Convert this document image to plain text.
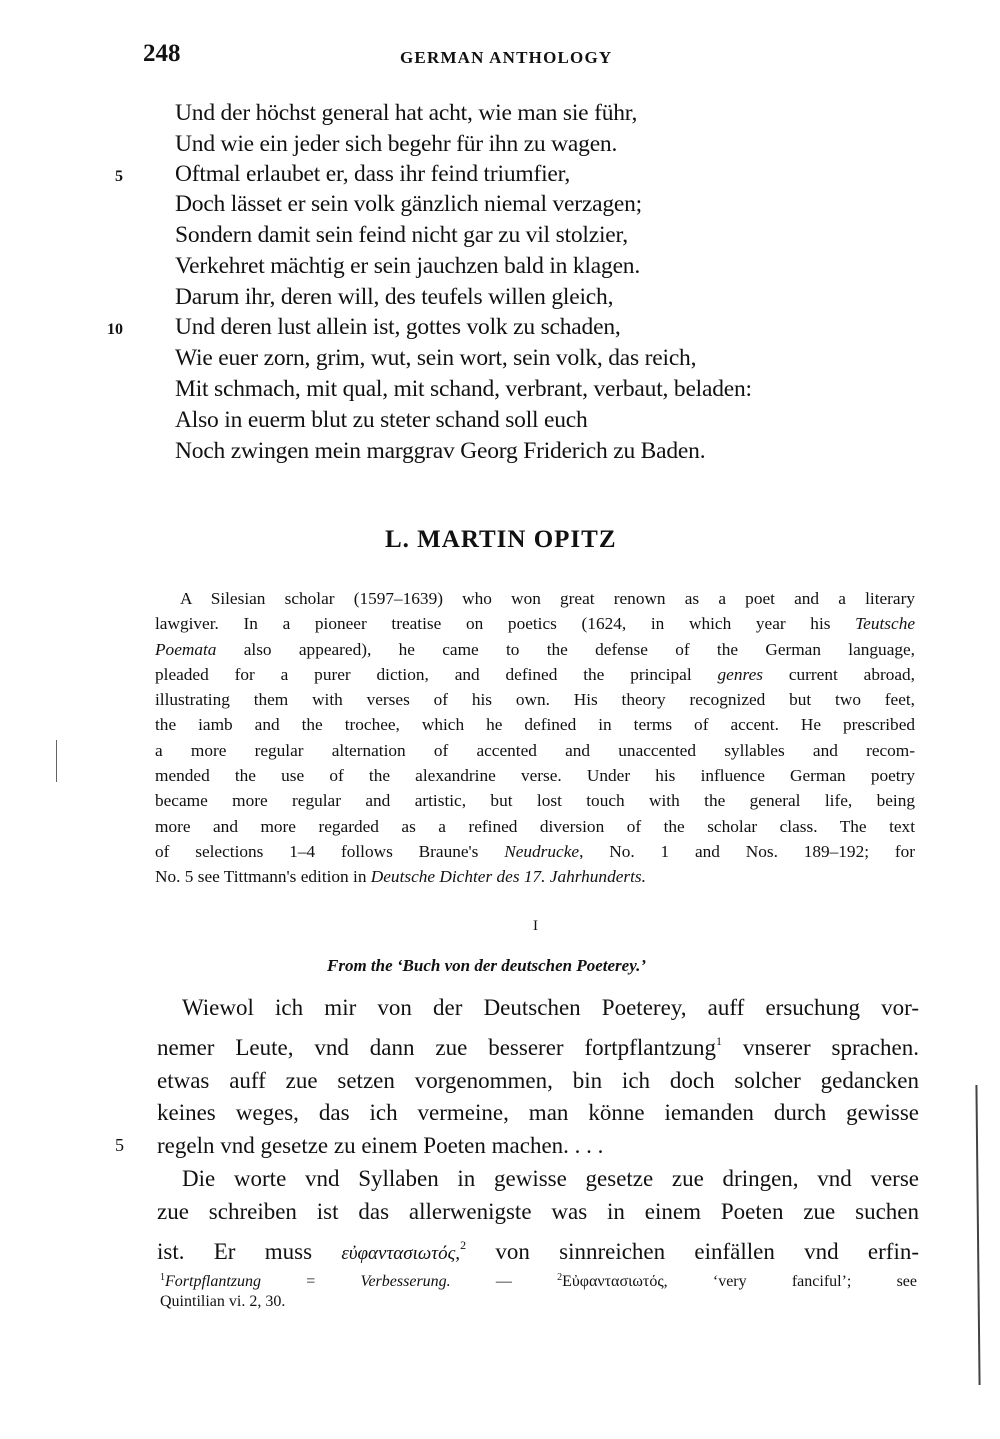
248	GERMAN ANTHOLOGY
Und der höchst general hat acht, wie man sie führ,
Und wie ein jeder sich begehr für ihn zu wagen.
5 Oftmal erlaubet er, dass ihr feind triumfier,
Doch lässet er sein volk gänzlich niemal verzagen;
Sondern damit sein feind nicht gar zu vil stolzier,
Verkehret mächtig er sein jauchzen bald in klagen.
Darum ihr, deren will, des teufels willen gleich,
10 Und deren lust allein ist, gottes volk zu schaden,
Wie euer zorn, grim, wut, sein wort, sein volk, das reich,
Mit schmach, mit qual, mit schand, verbrant, verbaut, beladen:
Also in euerm blut zu steter schand soll euch
Noch zwingen mein marggrav Georg Friderich zu Baden.
L. MARTIN OPITZ
A Silesian scholar (1597–1639) who won great renown as a poet and a literary
lawgiver. In a pioneer treatise on poetics (1624, in which year his Teutsche
Poemata also appeared), he came to the defense of the German language,
pleaded for a purer diction, and defined the principal genres current abroad,
illustrating them with verses of his own. His theory recognized but two feet,
the iamb and the trochee, which he defined in terms of accent. He prescribed
a more regular alternation of accented and unaccented syllables and recom-
mended the use of the alexandrine verse. Under his influence German poetry
became more regular and artistic, but lost touch with the general life, being
more and more regarded as a refined diversion of the scholar class. The text
of selections 1–4 follows Braune's Neudrucke, No. 1 and Nos. 189–192; for
No. 5 see Tittmann's edition in Deutsche Dichter des 17. Jahrhunderts.
I
From the ‘Buch von der deutschen Poeterey.’
5
Wiewol ich mir von der Deutschen Poeterey, auff ersuchung vor-
nemer Leute, vnd dann zue besserer fortpflantzung$^1$ vnserer sprachen.
etwas auff zue setzen vorgenommen, bin ich doch solcher gedancken
keines weges, das ich vermeine, man könne iemanden durch gewisse
regeln vnd gesetze zu einem Poeten machen. . . .
Die worte vnd Syllaben in gewisse gesetze zue dringen, vnd verse
zue schreiben ist das allerwenigste was in einem Poeten zue suchen
ist. Er muss εὐφαντασιωτός,$^2$ von sinnreichen einfällen vnd erfin-
$^1$Fortpflantzung = Verbesserung. — $^2$Εὐφαντασιωτός, ‘very fanciful’; see
Quintilian vi. 2, 30.
